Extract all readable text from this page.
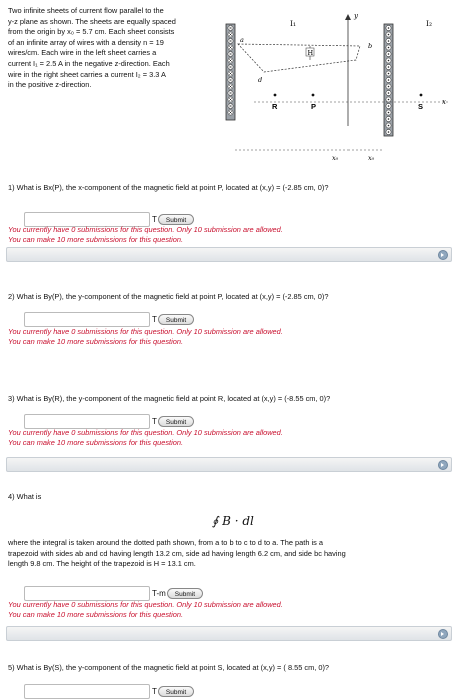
Two infinite sheets of current flow parallel to the
y-z plane as shown. The sheets are equally spaced
from the origin by x₀ = 5.7 cm. Each sheet consists
of an infinite array of wires with a density n = 19
wires/cm. Each wire in the left sheet carries a
current I₁ = 2.5 A in the negative z-direction. Each
wire in the right sheet carries a current I₂ = 3.3 A
in the positive z-direction.
y
I₁	I₂
b
d
a
H
R	P	S	x
x₀	x₀
1) What is Bx(P), the x-component of the magnetic field at point P, located at (x,y) = (-2.85 cm, 0)?
T	Submit
You currently have 0 submissions for this question. Only 10 submission are allowed.
You can make 10 more submissions for this question.
2) What is By(P), the y-component of the magnetic field at point P, located at (x,y) = (-2.85 cm, 0)?
T	Submit
You currently have 0 submissions for this question. Only 10 submission are allowed.
You can make 10 more submissions for this question.
3) What is By(R), the y-component of the magnetic field at point R, located at (x,y) = (-8.55 cm, 0)?
T	Submit
You currently have 0 submissions for this question. Only 10 submission are allowed.
You can make 10 more submissions for this question.
4) What is
∮ B · dl
where the integral is taken around the dotted path shown, from a to b to c to d to a. The path is a
trapezoid with sides ab and cd having length 13.2 cm, side ad having length 6.2 cm, and side bc having
length 9.8 cm. The height of the trapezoid is H = 13.1 cm.
T-m	Submit
You currently have 0 submissions for this question. Only 10 submission are allowed.
You can make 10 more submissions for this question.
5) What is By(S), the y-component of the magnetic field at point S, located at (x,y) = ( 8.55 cm, 0)?
T	Submit
